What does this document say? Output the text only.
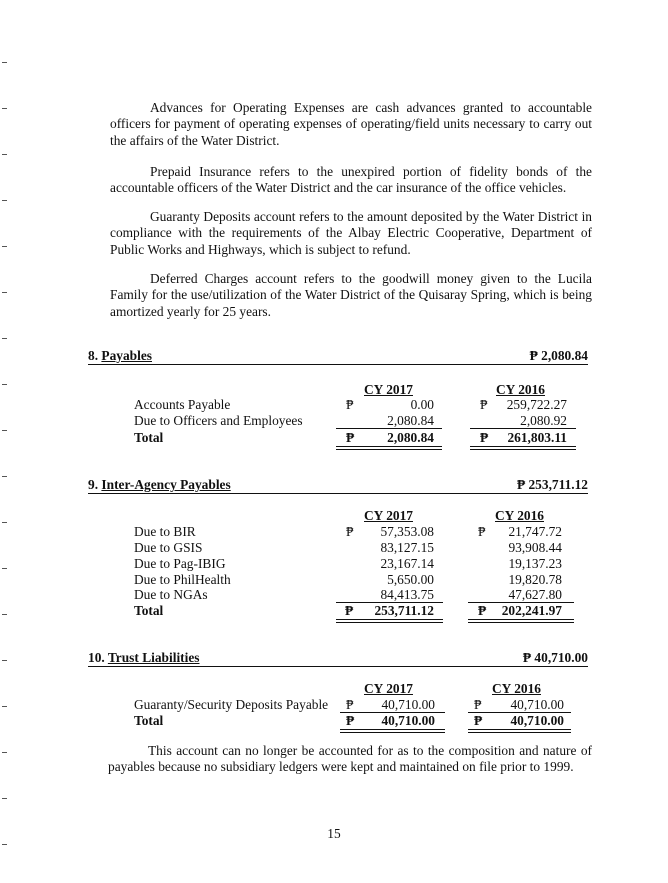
Advances for Operating Expenses are cash advances granted to accountable officers for payment of operating expenses of operating/field units necessary to carry out the affairs of the Water District.

Prepaid Insurance refers to the unexpired portion of fidelity bonds of the accountable officers of the Water District and the car insurance of the office vehicles.

Guaranty Deposits account refers to the amount deposited by the Water District in compliance with the requirements of the Albay Electric Cooperative, Department of Public Works and Highways, which is subject to refund.

Deferred Charges account refers to the goodwill money given to the Lucila Family for the use/utilization of the Water District of the Quisaray Spring, which is being amortized yearly for 25 years.

8. Payables	₱ 2,080.84
CY 2017	CY 2016
Accounts Payable	₱	0.00	₱	259,722.27
Due to Officers and Employees	2,080.84	2,080.92
Total	₱	2,080.84	₱	261,803.11
9. Inter-Agency Payables	₱ 253,711.12
CY 2017	CY 2016
Due to BIR	₱	57,353.08	₱	21,747.72
Due to GSIS	83,127.15	93,908.44
Due to Pag-IBIG	23,167.14	19,137.23
Due to PhilHealth	5,650.00	19,820.78
Due to NGAs	84,413.75	47,627.80
Total	₱	253,711.12	₱	202,241.97
10. Trust Liabilities	₱ 40,710.00
CY 2017	CY 2016
Guaranty/Security Deposits Payable ₱	40,710.00	₱	40,710.00
Total	₱	40,710.00	₱	40,710.00

This account can no longer be accounted for as to the composition and nature of payables because no subsidiary ledgers were kept and maintained on file prior to 1999.

15
